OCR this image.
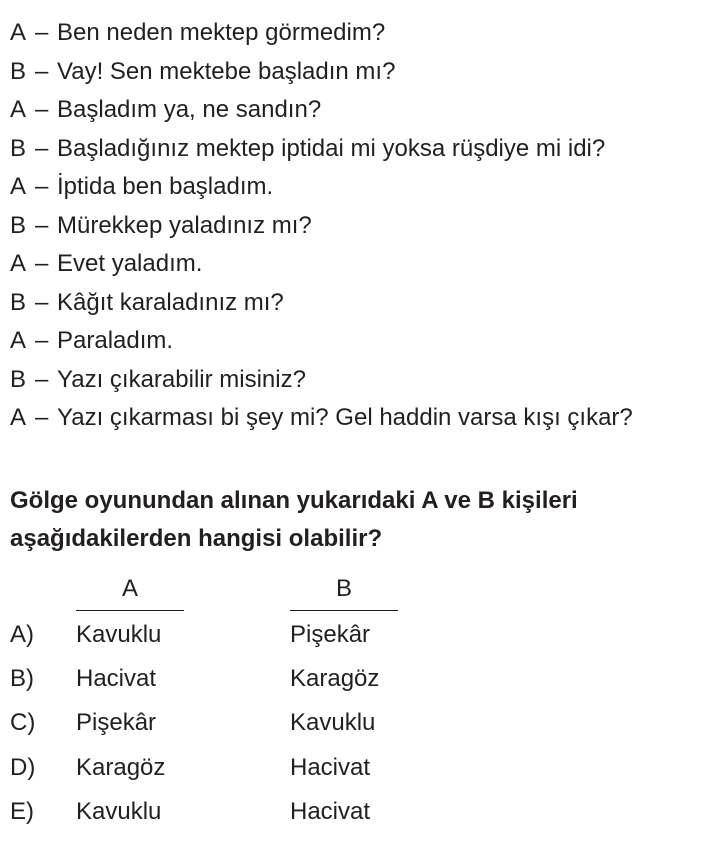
A – Ben neden mektep görmedim?
B – Vay! Sen mektebe başladın mı?
A – Başladım ya, ne sandın?
B – Başladığınız mektep iptidai mi yoksa rüşdiye mi idi?
A – İptida ben başladım.
B – Mürekkep yaladınız mı?
A – Evet yaladım.
B – Kâğıt karaladınız mı?
A – Paraladım.
B – Yazı çıkarabilir misiniz?
A – Yazı çıkarması bi şey mi? Gel haddin varsa kışı çıkar?
Gölge oyunundan alınan yukarıdaki A ve B kişileri aşağıdakilerden hangisi olabilir?
A	B
A) Kavuklu	Pişekâr
B) Hacivat	Karagöz
C) Pişekâr	Kavuklu
D) Karagöz	Hacivat
E) Kavuklu	Hacivat
